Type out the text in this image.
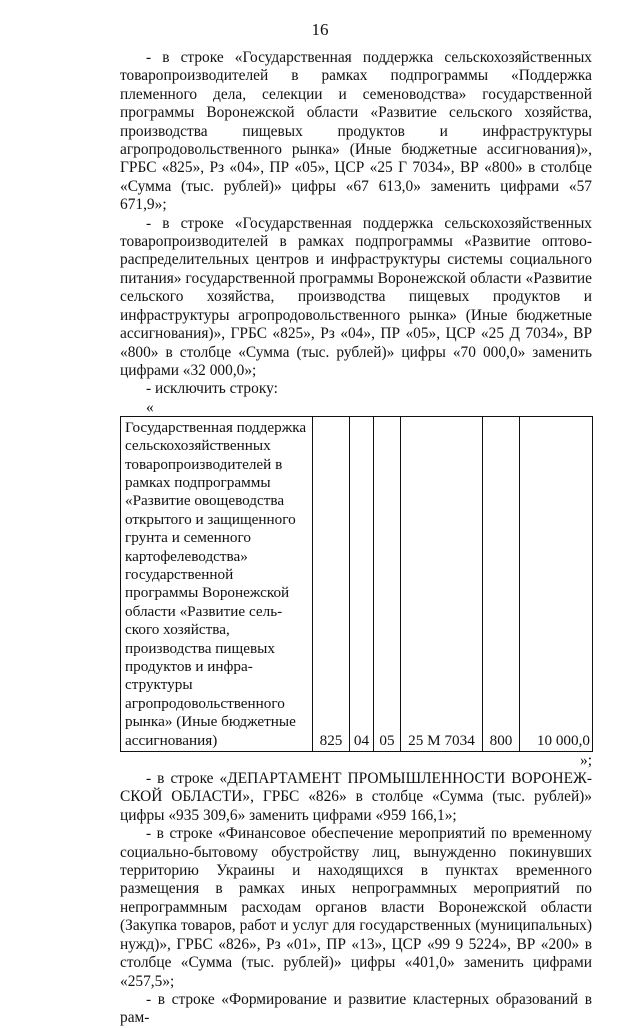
16

- в строке «Государственная поддержка сельскохозяйственных товаропроизводителей в рамках подпрограммы «Поддержка племенного дела, селекции и семеноводства» государственной программы Воронежской области «Развитие сельского хозяйства, производства пищевых продуктов и инфраструктуры агропродовольственного рынка» (Иные бюджетные ассигнования)», ГРБС «825», Рз «04», ПР «05», ЦСР «25 Г 7034», ВР «800» в столбце «Сумма (тыс. рублей)» цифры «67 613,0» заменить цифрами «57 671,9»;

- в строке «Государственная поддержка сельскохозяйственных товаропроизводителей в рамках подпрограммы «Развитие оптово-распределительных центров и инфраструктуры системы социального питания» государственной программы Воронежской области «Развитие сельского хозяйства, производства пищевых продуктов и инфраструктуры агропродовольственного рынка» (Иные бюджетные ассигнования)», ГРБС «825», Рз «04», ПР «05», ЦСР «25 Д 7034», ВР «800» в столбце «Сумма (тыс. рублей)» цифры «70 000,0» заменить цифрами «32 000,0»;

- исключить строку:

«

Государственная поддержка сельскохозяйственных товаропроизводителей в рамках подпрограммы «Развитие овощеводства открытого и защищенного грунта и семенного картофелеводства» государственной программы Воронежской области «Развитие сельского хозяйства, производства пищевых продуктов и инфраструктуры агропродовольственного рынка» (Иные бюджетные ассигнования)	825	04	05	25 М 7034	800	10 000,0

»;

- в строке «ДЕПАРТАМЕНТ ПРОМЫШЛЕННОСТИ ВОРОНЕЖСКОЙ ОБЛАСТИ», ГРБС «826» в столбце «Сумма (тыс. рублей)» цифры «935 309,6» заменить цифрами «959 166,1»;

- в строке «Финансовое обеспечение мероприятий по временному социально-бытовому обустройству лиц, вынужденно покинувших территорию Украины и находящихся в пунктах временного размещения в рамках иных непрограммных мероприятий по непрограммным расходам органов власти Воронежской области (Закупка товаров, работ и услуг для государственных (муниципальных) нужд)», ГРБС «826», Рз «01», ПР «13», ЦСР «99 9 5224», ВР «200» в столбце «Сумма (тыс. рублей)» цифры «401,0» заменить цифрами «257,5»;

- в строке «Формирование и развитие кластерных образований в рам-
